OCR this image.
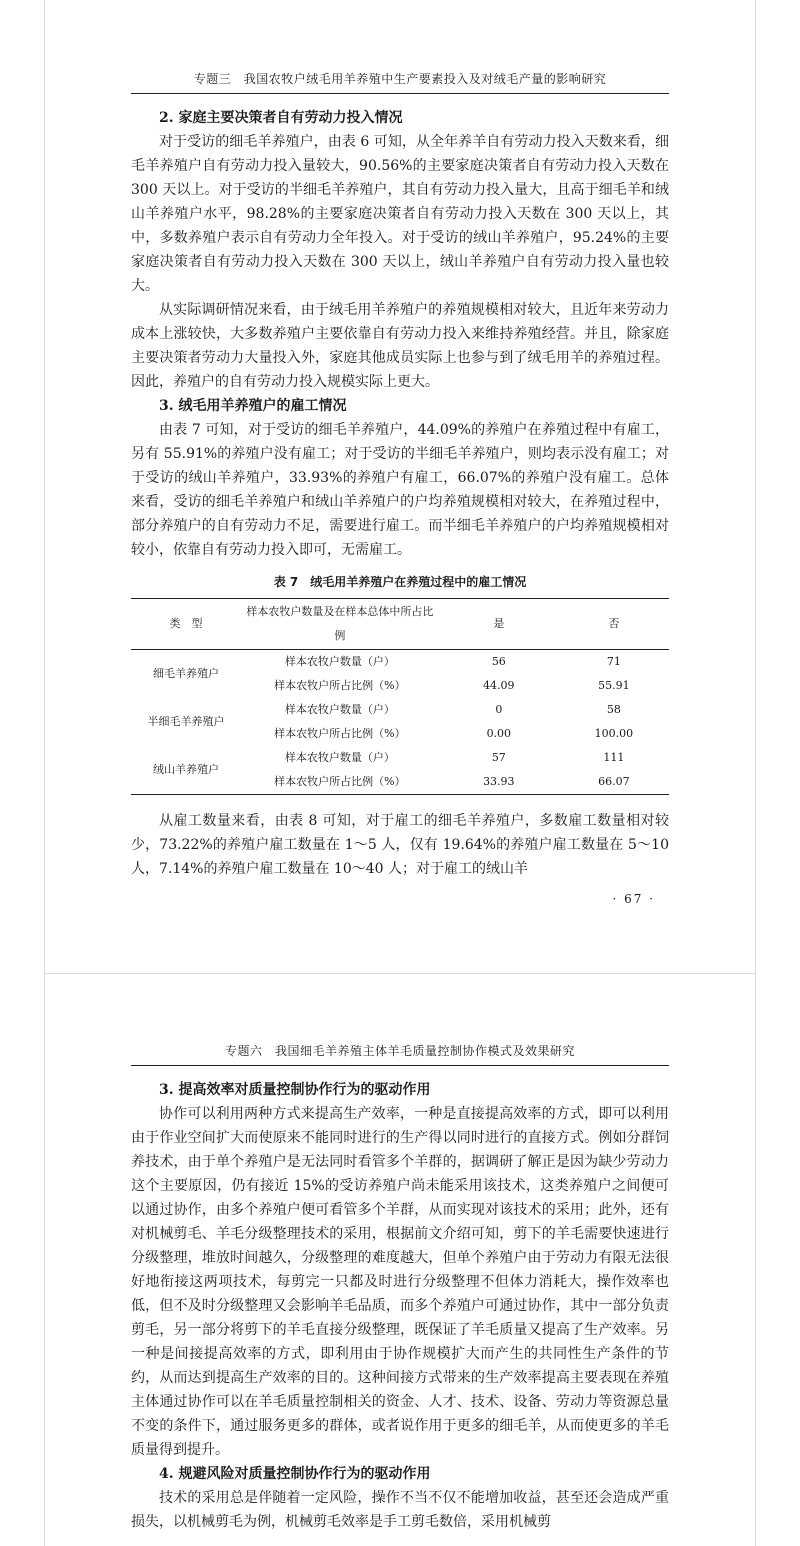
专题三　我国农牧户绒毛用羊养殖中生产要素投入及对绒毛产量的影响研究

2. 家庭主要决策者自有劳动力投入情况

对于受访的细毛羊养殖户，由表 6 可知，从全年养羊自有劳动力投入天数来看，细毛羊养殖户自有劳动力投入量较大，90.56%的主要家庭决策者自有劳动力投入天数在 300 天以上。对于受访的半细毛羊养殖户，其自有劳动力投入量大，且高于细毛羊和绒山羊养殖户水平，98.28%的主要家庭决策者自有劳动力投入天数在 300 天以上，其中，多数养殖户表示自有劳动力全年投入。对于受访的绒山羊养殖户，95.24%的主要家庭决策者自有劳动力投入天数在 300 天以上，绒山羊养殖户自有劳动力投入量也较大。

从实际调研情况来看，由于绒毛用羊养殖户的养殖规模相对较大，且近年来劳动力成本上涨较快，大多数养殖户主要依靠自有劳动力投入来维持养殖经营。并且，除家庭主要决策者劳动力大量投入外，家庭其他成员实际上也参与到了绒毛用羊的养殖过程。因此，养殖户的自有劳动力投入规模实际上更大。

3. 绒毛用羊养殖户的雇工情况

由表 7 可知，对于受访的细毛羊养殖户，44.09%的养殖户在养殖过程中有雇工，另有 55.91%的养殖户没有雇工；对于受访的半细毛羊养殖户，则均表示没有雇工；对于受访的绒山羊养殖户，33.93%的养殖户有雇工，66.07%的养殖户没有雇工。总体来看，受访的细毛羊养殖户和绒山羊养殖户的户均养殖规模相对较大，在养殖过程中，部分养殖户的自有劳动力不足，需要进行雇工。而半细毛羊养殖户的户均养殖规模相对较小，依靠自有劳动力投入即可，无需雇工。

表 7　绒毛用羊养殖户在养殖过程中的雇工情况
类　型	样本农牧户数量及在样本总体中所占比例	是	否
细毛羊养殖户	样本农牧户数量（户）	56	71
	样本农牧户所占比例（%）	44.09	55.91
半细毛羊养殖户	样本农牧户数量（户）	0	58
	样本农牧户所占比例（%）	0.00	100.00
绒山羊养殖户	样本农牧户数量（户）	57	111
	样本农牧户所占比例（%）	33.93	66.07

从雇工数量来看，由表 8 可知，对于雇工的细毛羊养殖户，多数雇工数量相对较少，73.22%的养殖户雇工数量在 1～5 人，仅有 19.64%的养殖户雇工数量在 5～10 人，7.14%的养殖户雇工数量在 10～40 人；对于雇工的绒山羊

· 67 ·
专题六　我国细毛羊养殖主体羊毛质量控制协作模式及效果研究

3. 提高效率对质量控制协作行为的驱动作用

协作可以利用两种方式来提高生产效率，一种是直接提高效率的方式，即可以利用由于作业空间扩大而使原来不能同时进行的生产得以同时进行的直接方式。例如分群饲养技术，由于单个养殖户是无法同时看管多个羊群的，据调研了解正是因为缺少劳动力这个主要原因，仍有接近 15%的受访养殖户尚未能采用该技术，这类养殖户之间便可以通过协作，由多个养殖户便可看管多个羊群，从而实现对该技术的采用；此外，还有对机械剪毛、羊毛分级整理技术的采用，根据前文介绍可知，剪下的羊毛需要快速进行分级整理，堆放时间越久，分级整理的难度越大，但单个养殖户由于劳动力有限无法很好地衔接这两项技术，每剪完一只都及时进行分级整理不但体力消耗大，操作效率也低，但不及时分级整理又会影响羊毛品质，而多个养殖户可通过协作，其中一部分负责剪毛，另一部分将剪下的羊毛直接分级整理，既保证了羊毛质量又提高了生产效率。另一种是间接提高效率的方式，即利用由于协作规模扩大而产生的共同性生产条件的节约，从而达到提高生产效率的目的。这种间接方式带来的生产效率提高主要表现在养殖主体通过协作可以在羊毛质量控制相关的资金、人才、技术、设备、劳动力等资源总量不变的条件下，通过服务更多的群体，或者说作用于更多的细毛羊，从而使更多的羊毛质量得到提升。

4. 规避风险对质量控制协作行为的驱动作用

技术的采用总是伴随着一定风险，操作不当不仅不能增加收益，甚至还会造成严重损失，以机械剪毛为例，机械剪毛效率是手工剪毛数倍，采用机械剪
